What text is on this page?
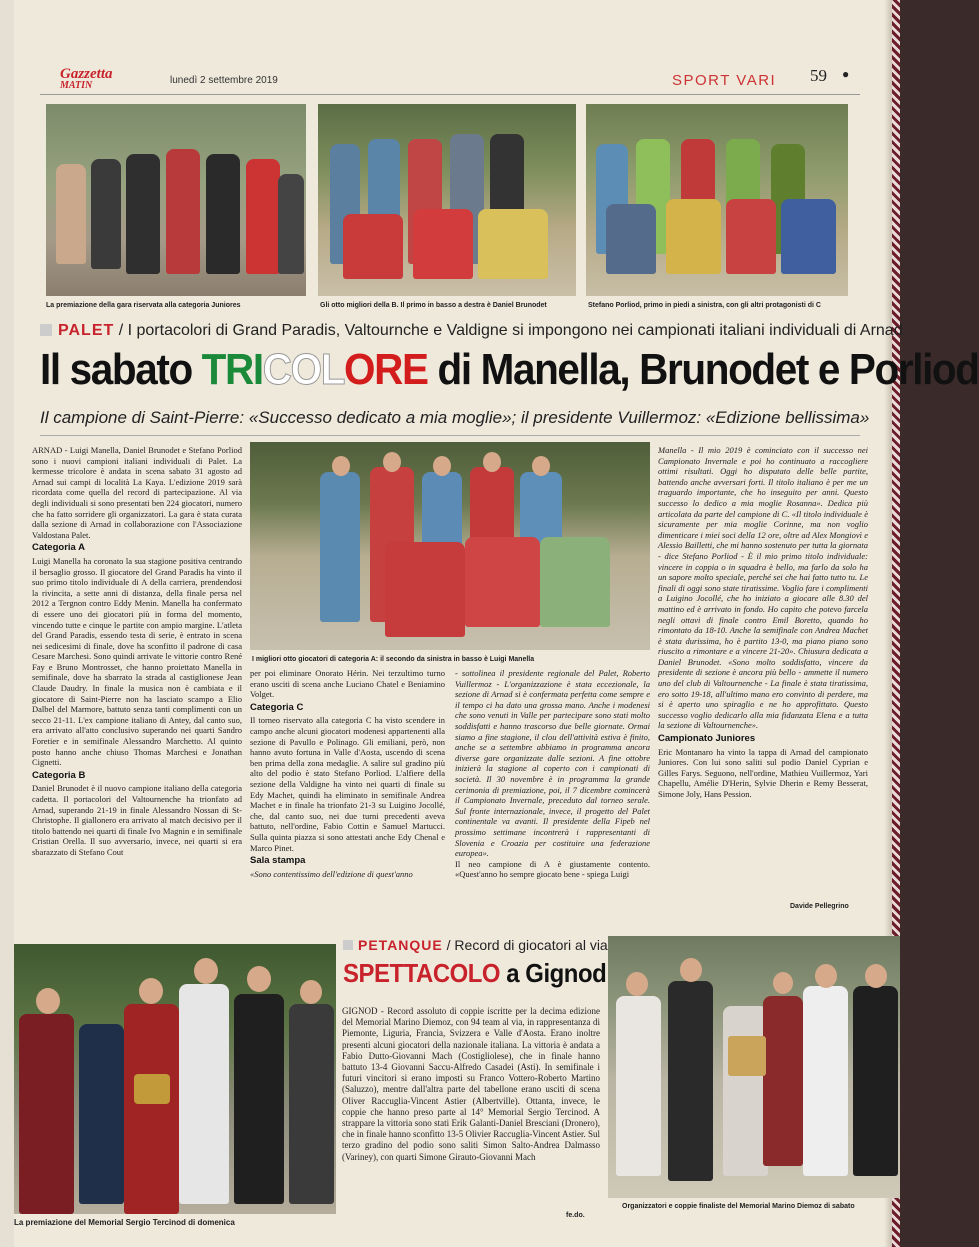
Gazzetta
MATIN	lunedì 2 settembre 2019	SPORT VARI 59 ●
La premiazione della gara riservata alla categoria Juniores	Gli otto migliori della B. Il primo in basso a destra è Daniel Brunodet	Stefano Porliod, primo in piedi a sinistra, con gli altri protagonisti di C
PALET / I portacolori di Grand Paradis, Valtournche e Valdigne si impongono nei campionati italiani individuali di Arnad
Il sabato TRICOLORE di Manella, Brunodet e Porliod
Il campione di Saint-Pierre: «Successo dedicato a mia moglie»; il presidente Vuillermoz: «Edizione bellissima»
ARNAD - Luigi Manella, Daniel Brunodet e Stefano Porliod sono i nuovi campioni italiani individuali di Palet. La kermesse tricolore è andata in scena sabato 31 agosto ad Arnad sui campi di località La Kaya. L'edizione 2019 sarà ricordata come quella del record di partecipazione. Al via degli individuali si sono presentati ben 224 giocatori, numero che ha fatto sorridere gli organizzatori. La gara è stata curata dalla sezione di Arnad in collaborazione con l'Associazione Valdostana Palet.
Categoria A
Luigi Manella ha coronato la sua stagione positiva centrando il bersaglio grosso. Il giocatore del Grand Paradis ha vinto il suo primo titolo individuale di A della carriera, prendendosi la rivincita, a sette anni di distanza, della finale persa nel 2012 a Tergnon contro Eddy Menin. Manella ha confermato di essere uno dei giocatori più in forma del momento, vincendo tutte e cinque le partite con ampio margine. L'atleta del Grand Paradis, essendo testa di serie, è entrato in scena nei sedicesimi di finale, dove ha sconfitto il padrone di casa Cesare Marchesi. Sono quindi arrivate le vittorie contro René Fay e Bruno Montrosset, che hanno proiettato Manella in semifinale, dove ha sbarrato la strada al castiglionese Jean Claude Daudry. In finale la musica non è cambiata e il giocatore di Saint-Pierre non ha lasciato scampo a Elio Dalbel del Marmore, battuto senza tanti complimenti con un secco 21-11. L'ex campione italiano di Antey, dal canto suo, era arrivato all'atto conclusivo superando nei quarti Sandro Foretier e in semifinale Alessandro Marchetto. Al quinto posto hanno anche chiuso Thomas Marchesi e Jonathan Cignetti.
Categoria B
Daniel Brunodet è il nuovo campione italiano della categoria cadetta. Il portacolori del Valtournenche ha trionfato ad Arnad, superando 21-19 in finale Alessandro Nossan di St-Christophe. Il giallonero era arrivato al match decisivo per il titolo battendo nei quarti di finale Ivo Magnin e in semifinale Cristian Orella. Il suo avversario, invece, nei quarti si era sbarazzato di Stefano Cout
I migliori otto giocatori di categoria A: il secondo da sinistra in basso è Luigi Manella
per poi eliminare Onorato Hérin. Nei terzultimo turno erano usciti di scena anche Luciano Chatel e Beniamino Volget.
Categoria C
Il torneo riservato alla categoria C ha visto scendere in campo anche alcuni giocatori modenesi appartenenti alla sezione di Pavullo e Polinago. Gli emiliani, però, non hanno avuto fortuna in Valle d'Aosta, uscendo di scena ben prima della zona medaglie. A salire sul gradino più alto del podio è stato Stefano Porliod. L'alfiere della sezione della Valdigne ha vinto nei quarti di finale su Edy Machet, quindi ha eliminato in semifinale Andrea Machet e in finale ha trionfato 21-3 su Luigino Jocollé, che, dal canto suo, nei due turni precedenti aveva battuto, nell'ordine, Fabio Cottin e Samuel Martucci. Sulla quinta piazza si sono attestati anche Edy Chenal e Marco Pinet.
Sala stampa
«Sono contentissimo dell'edizione di quest'anno
- sottolinea il presidente regionale del Palet, Roberto Vuillermoz - L'organizzazione è stata eccezionale, la sezione di Arnad si è confermata perfetta come sempre e il tempo ci ha dato una grossa mano. Anche i modenesi che sono venuti in Valle per partecipare sono stati molto soddisfatti e hanno trascorso due belle giornate. Ormai siamo a fine stagione, il clou dell'attività estiva è finito, anche se a settembre abbiamo in programma ancora diverse gare organizzate dalle sezioni. A fine ottobre inizierà la stagione al coperto con i campionati di società. Il 30 novembre è in programma la grande cerimonia di premiazione, poi, il 7 dicembre comincerà il Campionato Invernale, preceduto dal torneo serale. Sul fronte internazionale, invece, il progetto del Palet continentale va avanti. Il presidente della Fipeb nel prossimo settimane incontrerà i rappresentanti di Slovenia e Croazia per costituire una federazione europea».
Il neo campione di A è giustamente contento. «Quest'anno ho sempre giocato bene - spiega Luigi
Manella - Il mio 2019 è cominciato con il successo nei Campionato Invernale e poi ho continuato a raccogliere ottimi risultati. Oggi ho disputato delle belle partite, battendo anche avversari forti. Il titolo italiano è per me un traguardo importante, che ho inseguito per anni. Questo successo lo dedico a mia moglie Rosanna». Dedica più articolata da parte del campione di C. «Il titolo individuale è sicuramente per mia moglie Corinne, ma non voglio dimenticare i miei soci della 12 ore, oltre ad Alex Mongiovì e Alessio Bailletti, che mi hanno sostenuto per tutta la giornata - dice Stefano Porliod - È il mio primo titolo individuale: vincere in coppia o in squadra è bello, ma farlo da solo ha un sapore molto speciale, perché sei che hai fatto tutto tu. Le finali di oggi sono state tiratissime. Voglio fare i complimenti a Luigino Jocollé, che ho iniziato a giocare alle 8.30 del mattino ed è arrivato in fondo. Ho capito che potevo farcela negli ottavi di finale contro Emil Boretto, quando ho rimontato da 18-10. Anche la semifinale con Andrea Machet è stata durissima, ho è partito 13-0, ma piano piano sono riuscito a rimontare e a vincere 21-20». Chiusura dedicata a Daniel Brunodet. «Sono molto soddisfatto, vincere da presidente di sezione è ancora più bello - ammette il numero uno del club di Valtournenche - La finale è stata tiratissima, ero sotto 19-18, all'ultimo mano ero convinto di perdere, ma si è aperto uno spiraglio e ne ho approfittato. Questo successo voglio dedicarlo alla mia fidanzata Elena e a tutta la sezione di Valtournenche».
Campionato Juniores
Eric Montanaro ha vinto la tappa di Arnad del campionato Juniores. Con lui sono saliti sul podio Daniel Cyprian e Gilles Farys. Seguono, nell'ordine, Mathieu Vuillermoz, Yari Chapellu, Amélie D'Herin, Sylvie Dherin e Remy Besserat, Simone Joly, Hans Pession.
Davide Pellegrino
La premiazione del Memorial Sergio Tercinod di domenica
PETANQUE / Record di giocatori al via
SPETTACOLO a Gignod
GIGNOD - Record assoluto di coppie iscritte per la decima edizione del Memorial Marino Diemoz, con 94 team al via, in rappresentanza di Piemonte, Liguria, Francia, Svizzera e Valle d'Aosta. Erano inoltre presenti alcuni giocatori della nazionale italiana. La vittoria è andata a Fabio Dutto-Giovanni Mach (Costigliolese), che in finale hanno battuto 13-4 Giovanni Saccu-Alfredo Casadei (Asti). In semifinale i futuri vincitori si erano imposti su Franco Vottero-Roberto Martino (Saluzzo), mentre dall'altra parte del tabellone erano usciti di scena Oliver Raccuglia-Vincent Astier (Albertville). Ottanta, invece, le coppie che hanno preso parte al 14° Memorial Sergio Tercinod. A strappare la vittoria sono stati Erik Galanti-Daniel Bresciani (Dronero), che in finale hanno sconfitto 13-5 Olivier Raccuglia-Vincent Astier. Sul terzo gradino del podio sono saliti Simon Salto-Andrea Dalmasso (Variney), con quarti Simone Girauto-Giovanni Mach
fe.do.
Organizzatori e coppie finaliste del Memorial Marino Diemoz di sabato
